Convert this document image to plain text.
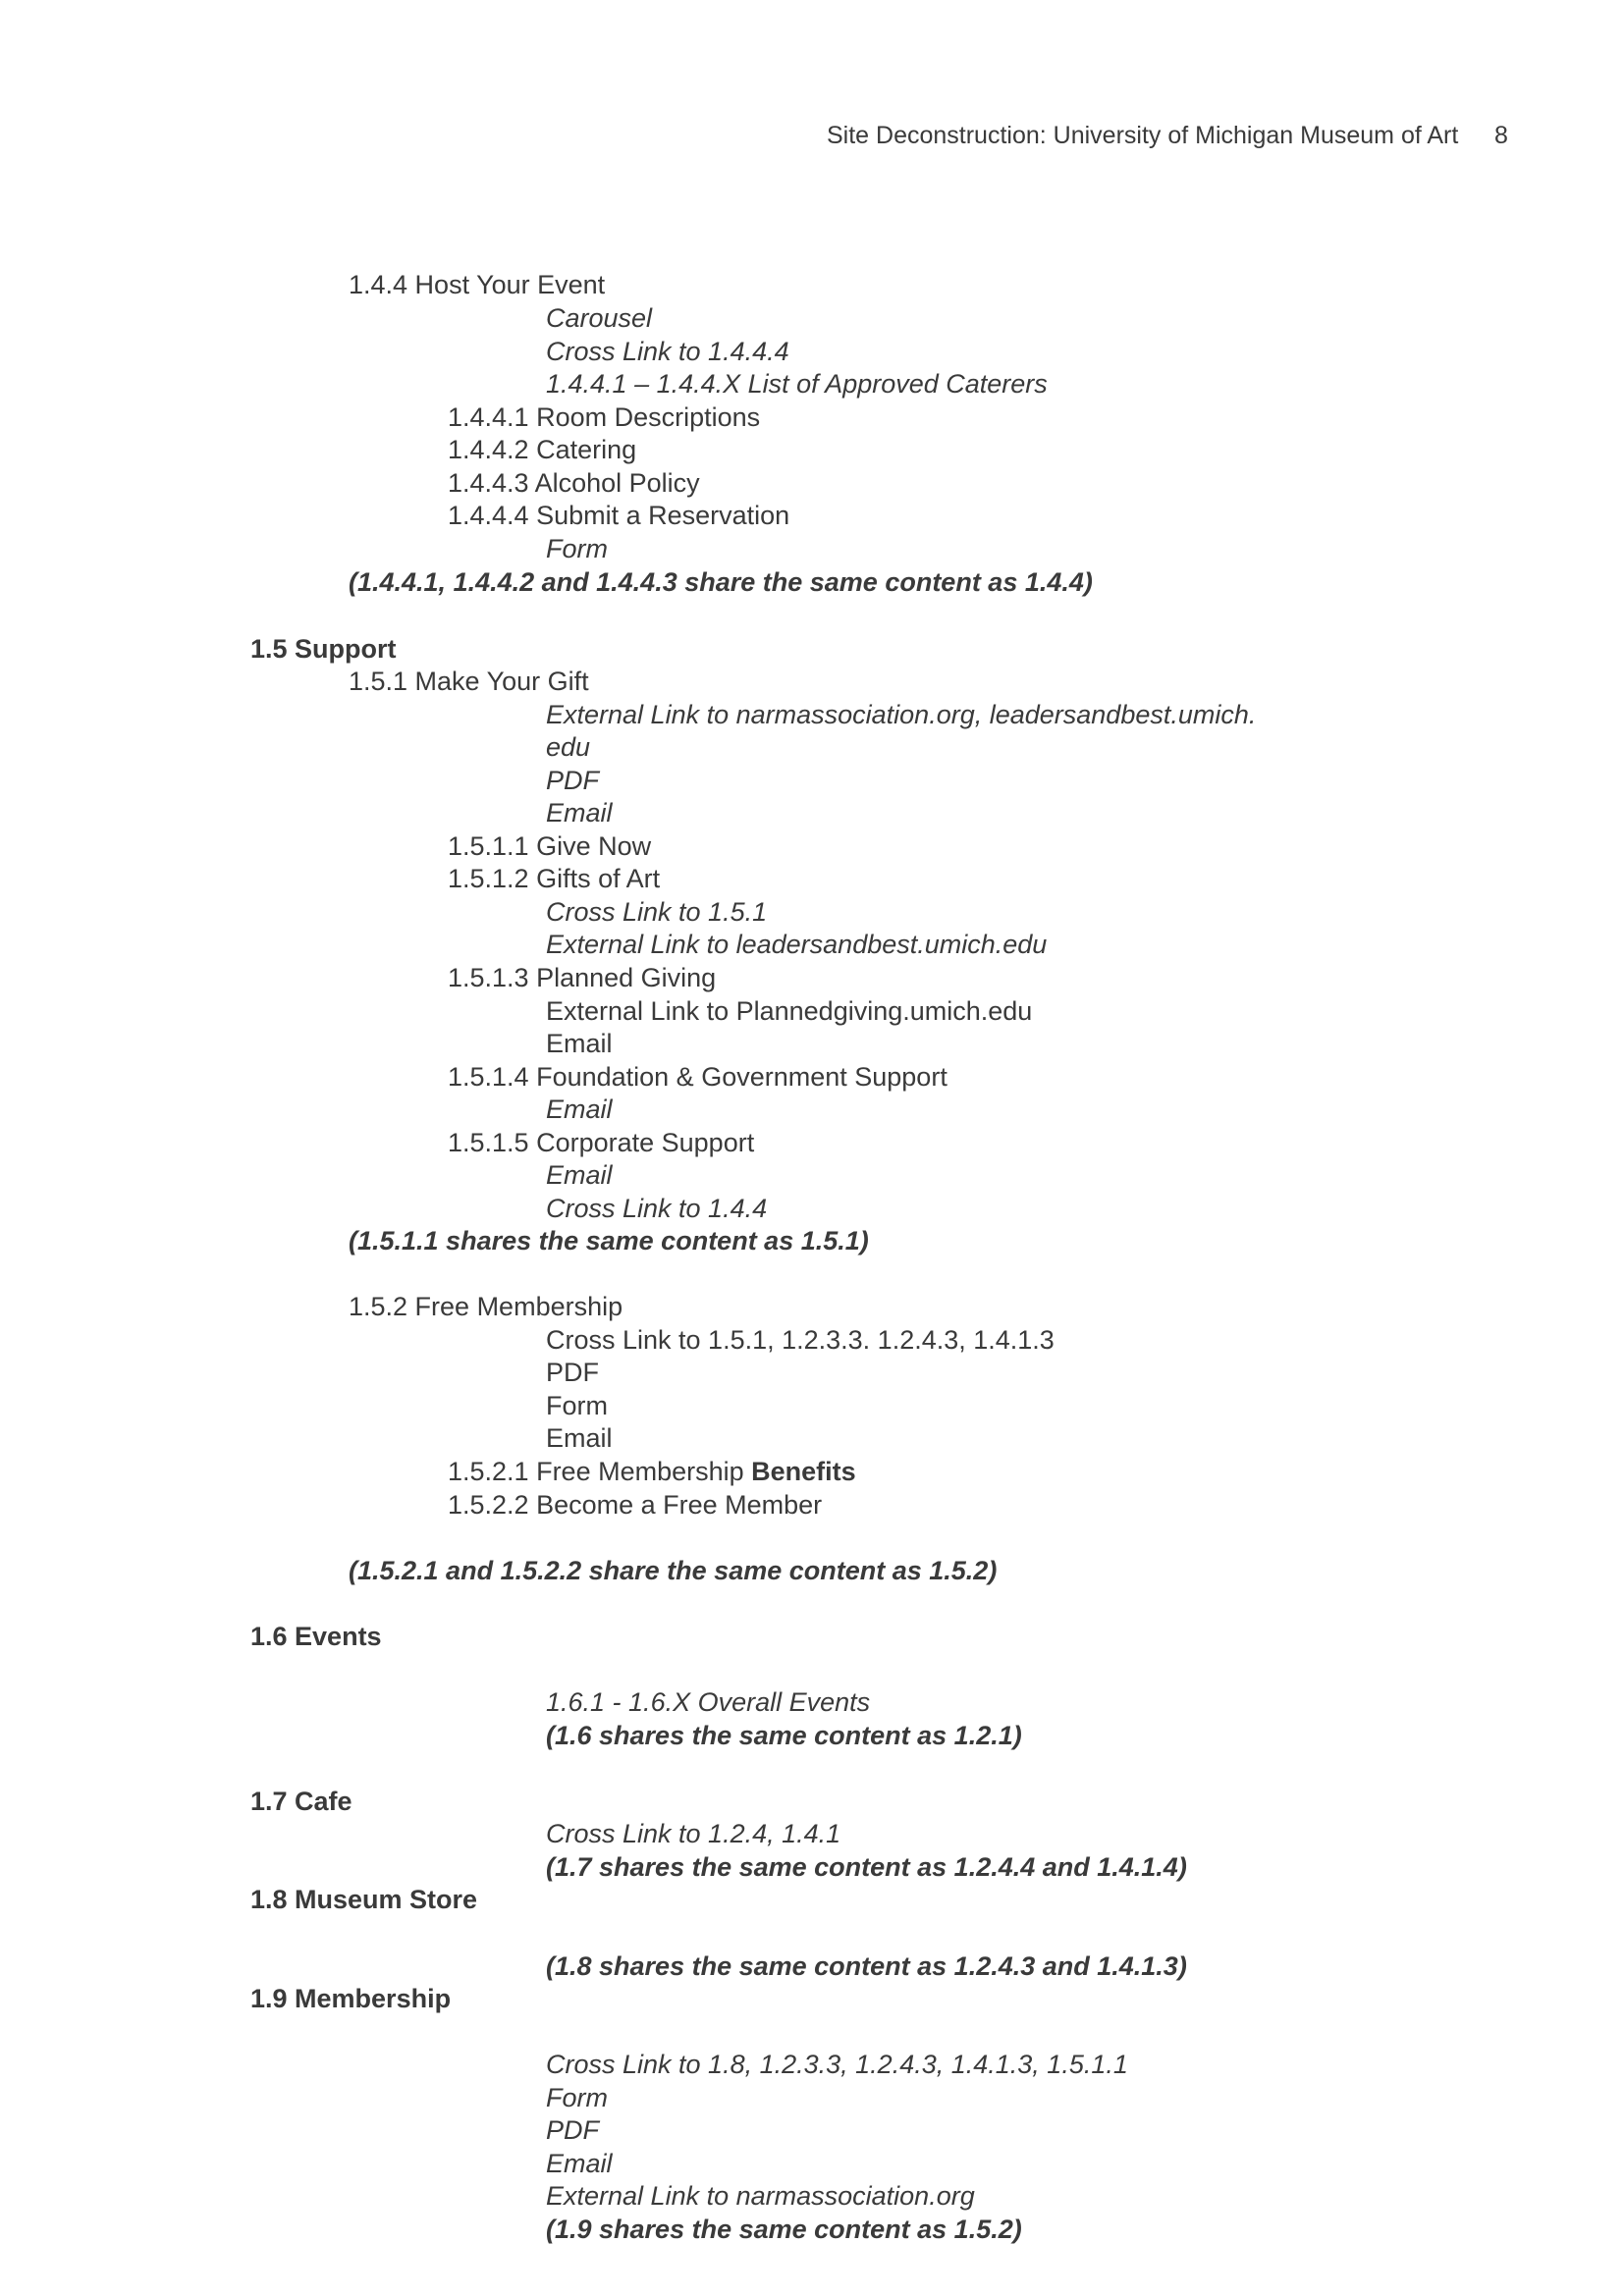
Site Deconstruction: University of Michigan Museum of Art 8
1.4.4 Host Your Event
Carousel
Cross Link to 1.4.4.4
1.4.4.1 – 1.4.4.X List of Approved Caterers
1.4.4.1 Room Descriptions
1.4.4.2 Catering
1.4.4.3 Alcohol Policy
1.4.4.4 Submit a Reservation
Form
(1.4.4.1, 1.4.4.2 and 1.4.4.3 share the same content as 1.4.4)
1.5 Support
1.5.1 Make Your Gift
External Link to narmassociation.org, leadersandbest.umich.
edu
PDF
Email
1.5.1.1 Give Now
1.5.1.2 Gifts of Art
Cross Link to 1.5.1
External Link to leadersandbest.umich.edu
1.5.1.3 Planned Giving
External Link to Plannedgiving.umich.edu
Email
1.5.1.4 Foundation & Government Support
Email
1.5.1.5 Corporate Support
Email
Cross Link to 1.4.4
(1.5.1.1 shares the same content as 1.5.1)
1.5.2 Free Membership
Cross Link to 1.5.1, 1.2.3.3. 1.2.4.3, 1.4.1.3
PDF
Form
Email
1.5.2.1 Free Membership Benefits
1.5.2.2 Become a Free Member
(1.5.2.1 and 1.5.2.2 share the same content as 1.5.2)
1.6 Events
1.6.1 - 1.6.X Overall Events
(1.6 shares the same content as 1.2.1)
1.7 Cafe
Cross Link to 1.2.4, 1.4.1
(1.7 shares the same content as 1.2.4.4 and 1.4.1.4)
1.8 Museum Store
(1.8 shares the same content as 1.2.4.3 and 1.4.1.3)
1.9 Membership
Cross Link to 1.8, 1.2.3.3, 1.2.4.3, 1.4.1.3, 1.5.1.1
Form
PDF
Email
External Link to narmassociation.org
(1.9 shares the same content as 1.5.2)
